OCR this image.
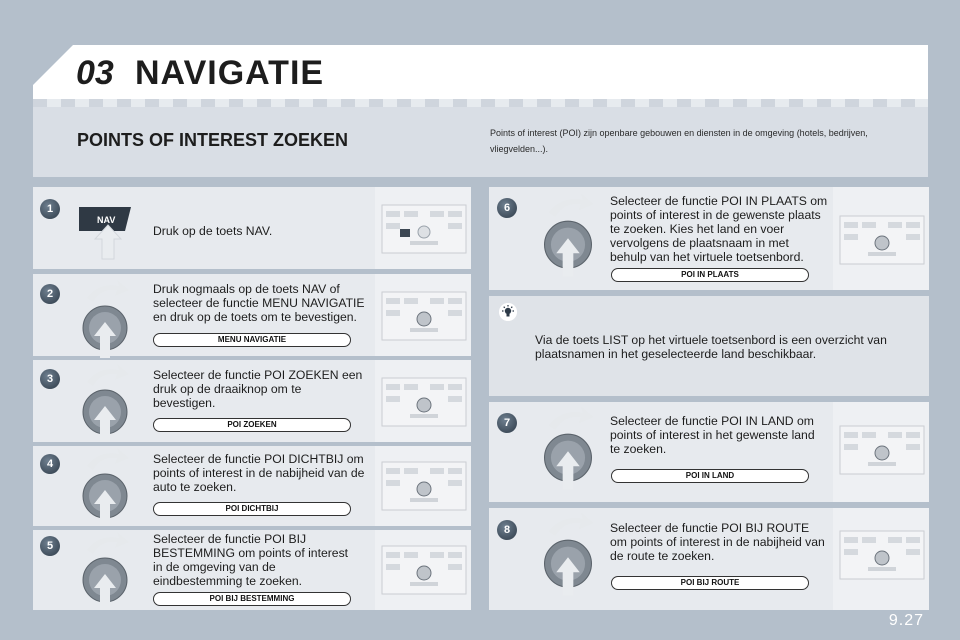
03 NAVIGATIE
POINTS OF INTEREST ZOEKEN	Points of interest (POI) zijn openbare gebouwen en diensten in de omgeving (hotels, bedrijven, vliegvelden...).
1
NAV
Druk op de toets NAV.
2	Druk nogmaals op de toets NAV of selecteer de functie MENU NAVIGATIE en druk op de toets om te bevestigen.
MENU NAVIGATIE
3	Selecteer de functie POI ZOEKEN een druk op de draaiknop om te bevestigen.
POI ZOEKEN
4	Selecteer de functie POI DICHTBIJ om points of interest in de nabijheid van de auto te zoeken.
POI DICHTBIJ
5	Selecteer de functie POI BIJ BESTEMMING om points of interest in de omgeving van de eindbestemming te zoeken.
POI BIJ BESTEMMING
6	Selecteer de functie POI IN PLAATS om points of interest in de gewenste plaats te zoeken. Kies het land en voer vervolgens de plaatsnaam in met behulp van het virtuele toetsenbord.
POI IN PLAATS
Via de toets LIST op het virtuele toetsenbord is een overzicht van plaatsnamen in het geselecteerde land beschikbaar.
7	Selecteer de functie POI IN LAND om points of interest in het gewenste land te zoeken.
POI IN LAND
8	Selecteer de functie POI BIJ ROUTE om points of interest in de nabijheid van de route te zoeken.
POI BIJ ROUTE
9.27
